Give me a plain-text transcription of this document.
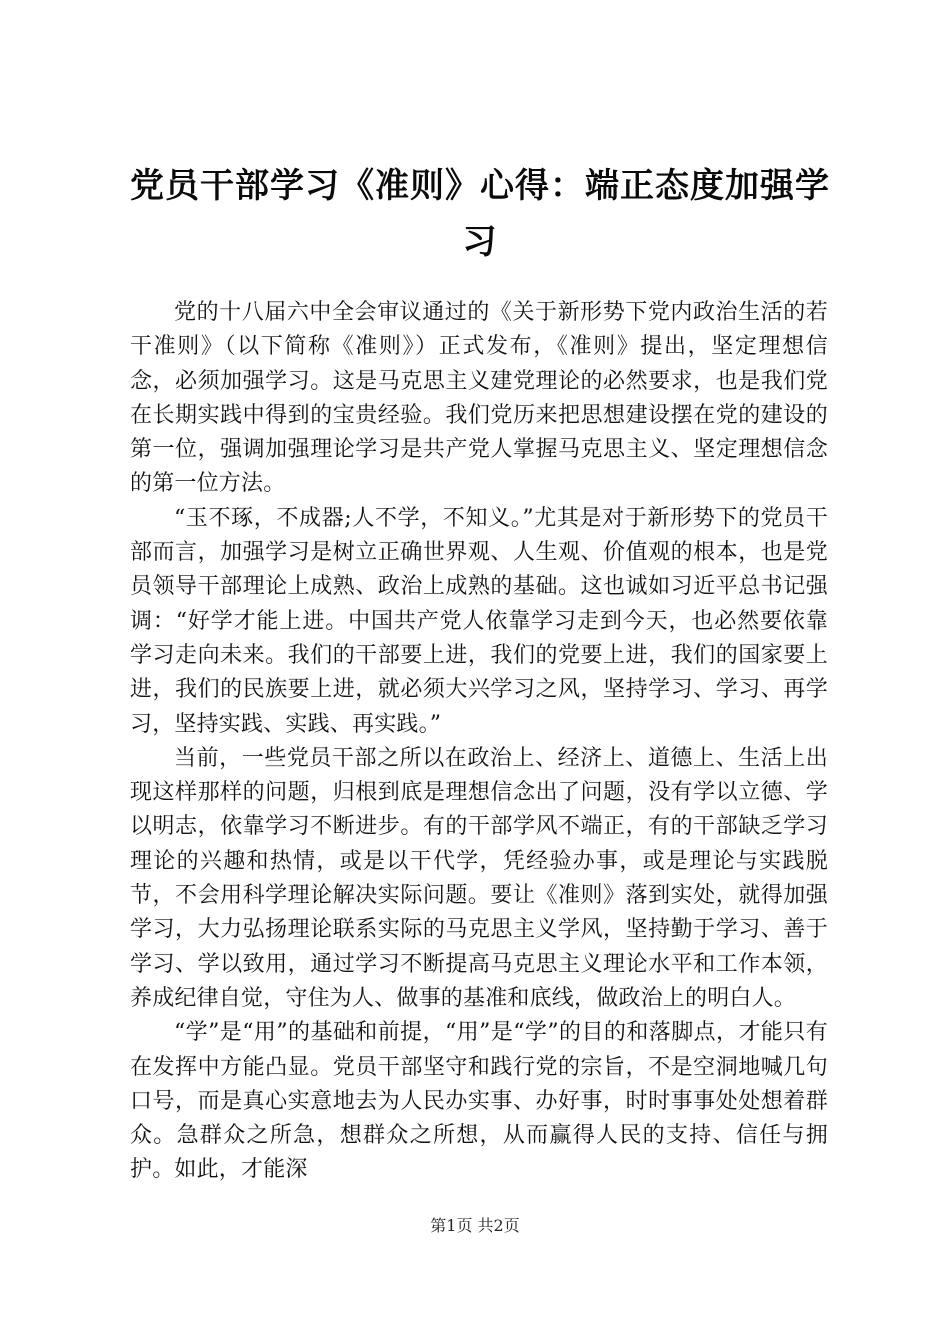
党员干部学习《准则》心得：端正态度加强学习

党的十八届六中全会审议通过的《关于新形势下党内政治生活的若干准则》（以下简称《准则》）正式发布，《准则》提出，坚定理想信念，必须加强学习。这是马克思主义建党理论的必然要求，也是我们党在长期实践中得到的宝贵经验。我们党历来把思想建设摆在党的建设的第一位，强调加强理论学习是共产党人掌握马克思主义、坚定理想信念的第一位方法。

“玉不琢，不成器;人不学，不知义。”尤其是对于新形势下的党员干部而言，加强学习是树立正确世界观、人生观、价值观的根本，也是党员领导干部理论上成熟、政治上成熟的基础。这也诚如习近平总书记强调：“好学才能上进。中国共产党人依靠学习走到今天，也必然要依靠学习走向未来。我们的干部要上进，我们的党要上进，我们的国家要上进，我们的民族要上进，就必须大兴学习之风，坚持学习、学习、再学习，坚持实践、实践、再实践。”

当前，一些党员干部之所以在政治上、经济上、道德上、生活上出现这样那样的问题，归根到底是理想信念出了问题，没有学以立德、学以明志，依靠学习不断进步。有的干部学风不端正，有的干部缺乏学习理论的兴趣和热情，或是以干代学，凭经验办事，或是理论与实践脱节，不会用科学理论解决实际问题。要让《准则》落到实处，就得加强学习，大力弘扬理论联系实际的马克思主义学风，坚持勤于学习、善于学习、学以致用，通过学习不断提高马克思主义理论水平和工作本领，养成纪律自觉，守住为人、做事的基准和底线，做政治上的明白人。

“学”是“用”的基础和前提，“用”是“学”的目的和落脚点，才能只有在发挥中方能凸显。党员干部坚守和践行党的宗旨，不是空洞地喊几句口号，而是真心实意地去为人民办实事、办好事，时时事事处处想着群众。急群众之所急，想群众之所想，从而赢得人民的支持、信任与拥护。如此，才能深

第1页 共2页
